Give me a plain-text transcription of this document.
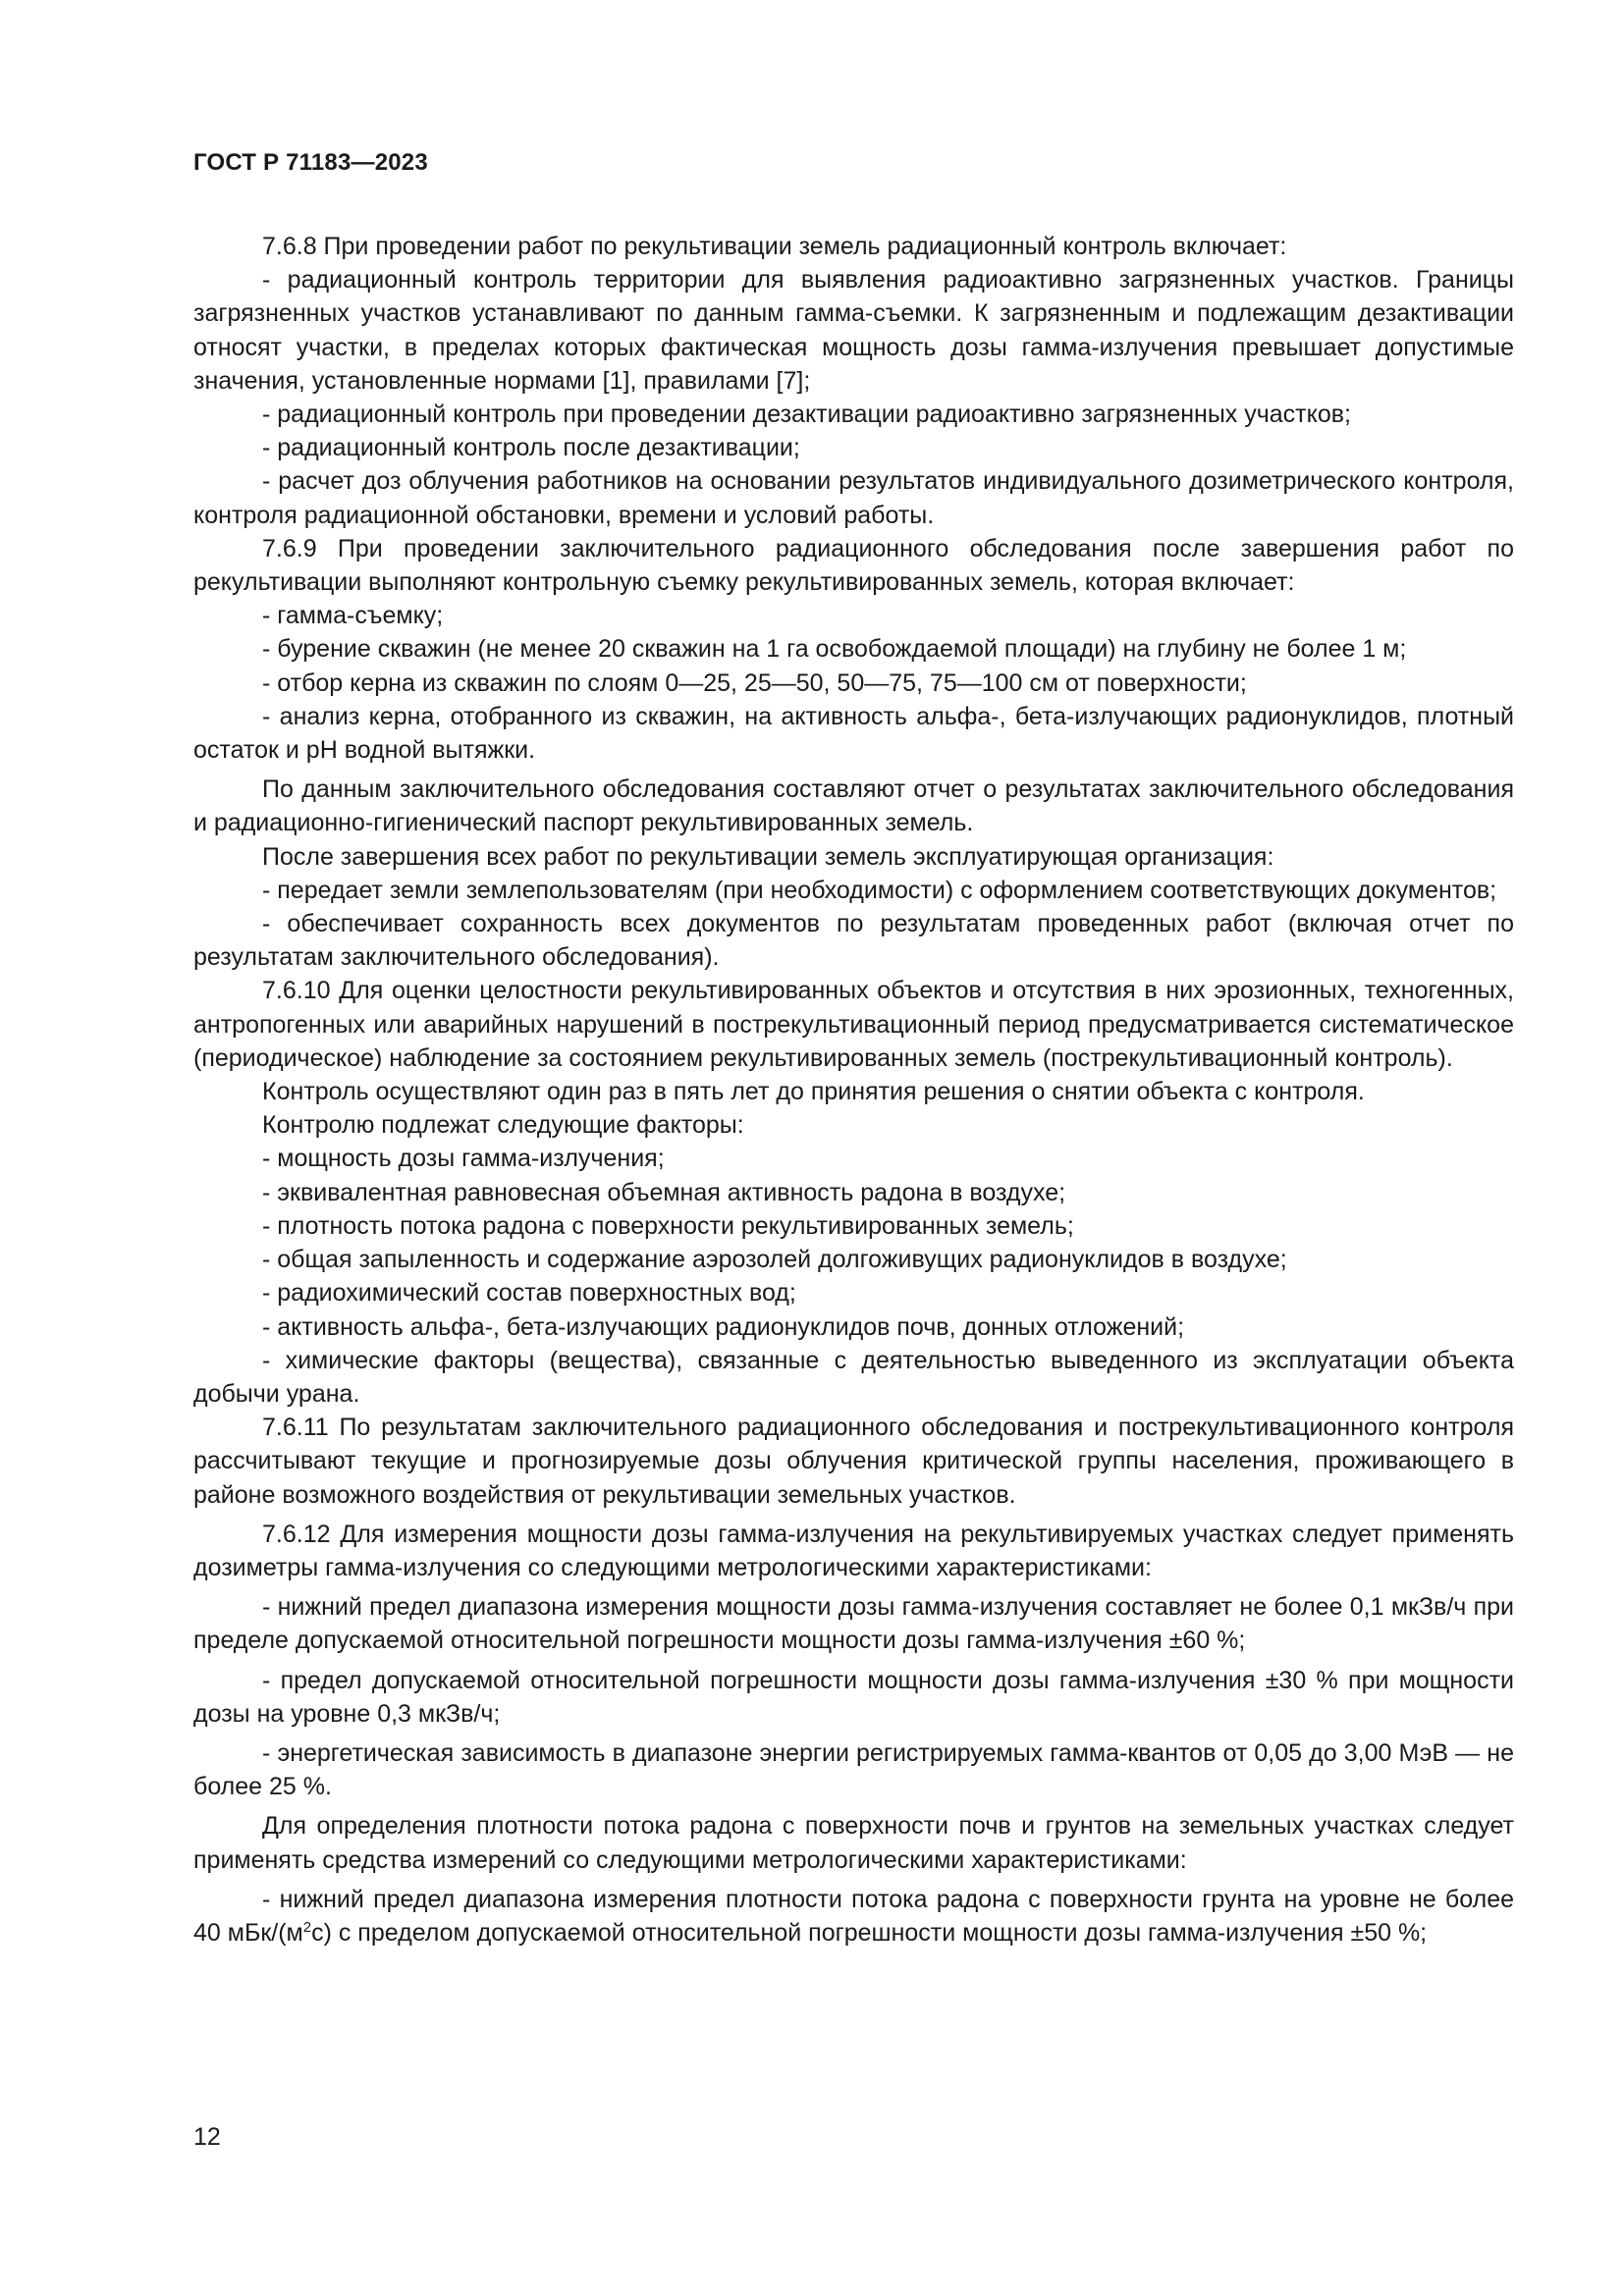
ГОСТ Р 71183—2023

7.6.8 При проведении работ по рекультивации земель радиационный контроль включает:

- радиационный контроль территории для выявления радиоактивно загрязненных участков. Границы загрязненных участков устанавливают по данным гамма-съемки. К загрязненным и подлежащим дезактивации относят участки, в пределах которых фактическая мощность дозы гамма-излучения превышает допустимые значения, установленные нормами [1], правилами [7];

- радиационный контроль при проведении дезактивации радиоактивно загрязненных участков;

- радиационный контроль после дезактивации;

- расчет доз облучения работников на основании результатов индивидуального дозиметрического контроля, контроля радиационной обстановки, времени и условий работы.

7.6.9 При проведении заключительного радиационного обследования после завершения работ по рекультивации выполняют контрольную съемку рекультивированных земель, которая включает:

- гамма-съемку;

- бурение скважин (не менее 20 скважин на 1 га освобождаемой площади) на глубину не более 1 м;

- отбор керна из скважин по слоям 0—25, 25—50, 50—75, 75—100 см от поверхности;

- анализ керна, отобранного из скважин, на активность альфа-, бета-излучающих радионуклидов, плотный остаток и pH водной вытяжки.

По данным заключительного обследования составляют отчет о результатах заключительного обследования и радиационно-гигиенический паспорт рекультивированных земель.

После завершения всех работ по рекультивации земель эксплуатирующая организация:

- передает земли землепользователям (при необходимости) с оформлением соответствующих документов;

- обеспечивает сохранность всех документов по результатам проведенных работ (включая отчет по результатам заключительного обследования).

7.6.10 Для оценки целостности рекультивированных объектов и отсутствия в них эрозионных, техногенных, антропогенных или аварийных нарушений в пострекультивационный период предусматривается систематическое (периодическое) наблюдение за состоянием рекультивированных земель (пострекультивационный контроль).

Контроль осуществляют один раз в пять лет до принятия решения о снятии объекта с контроля.

Контролю подлежат следующие факторы:

- мощность дозы гамма-излучения;

- эквивалентная равновесная объемная активность радона в воздухе;

- плотность потока радона с поверхности рекультивированных земель;

- общая запыленность и содержание аэрозолей долгоживущих радионуклидов в воздухе;

- радиохимический состав поверхностных вод;

- активность альфа-, бета-излучающих радионуклидов почв, донных отложений;

- химические факторы (вещества), связанные с деятельностью выведенного из эксплуатации объекта добычи урана.

7.6.11 По результатам заключительного радиационного обследования и пострекультивационного контроля рассчитывают текущие и прогнозируемые дозы облучения критической группы населения, проживающего в районе возможного воздействия от рекультивации земельных участков.

7.6.12 Для измерения мощности дозы гамма-излучения на рекультивируемых участках следует применять дозиметры гамма-излучения со следующими метрологическими характеристиками:

- нижний предел диапазона измерения мощности дозы гамма-излучения составляет не более 0,1 мкЗв/ч при пределе допускаемой относительной погрешности мощности дозы гамма-излучения ±60 %;

- предел допускаемой относительной погрешности мощности дозы гамма-излучения ±30 % при мощности дозы на уровне 0,3 мкЗв/ч;

- энергетическая зависимость в диапазоне энергии регистрируемых гамма-квантов от 0,05 до 3,00 МэВ — не более 25 %.

Для определения плотности потока радона с поверхности почв и грунтов на земельных участках следует применять средства измерений со следующими метрологическими характеристиками:

- нижний предел диапазона измерения плотности потока радона с поверхности грунта на уровне не более 40 мБк/$(м^2с)$ с пределом допускаемой относительной погрешности мощности дозы гамма-излучения ±50 %;

12
